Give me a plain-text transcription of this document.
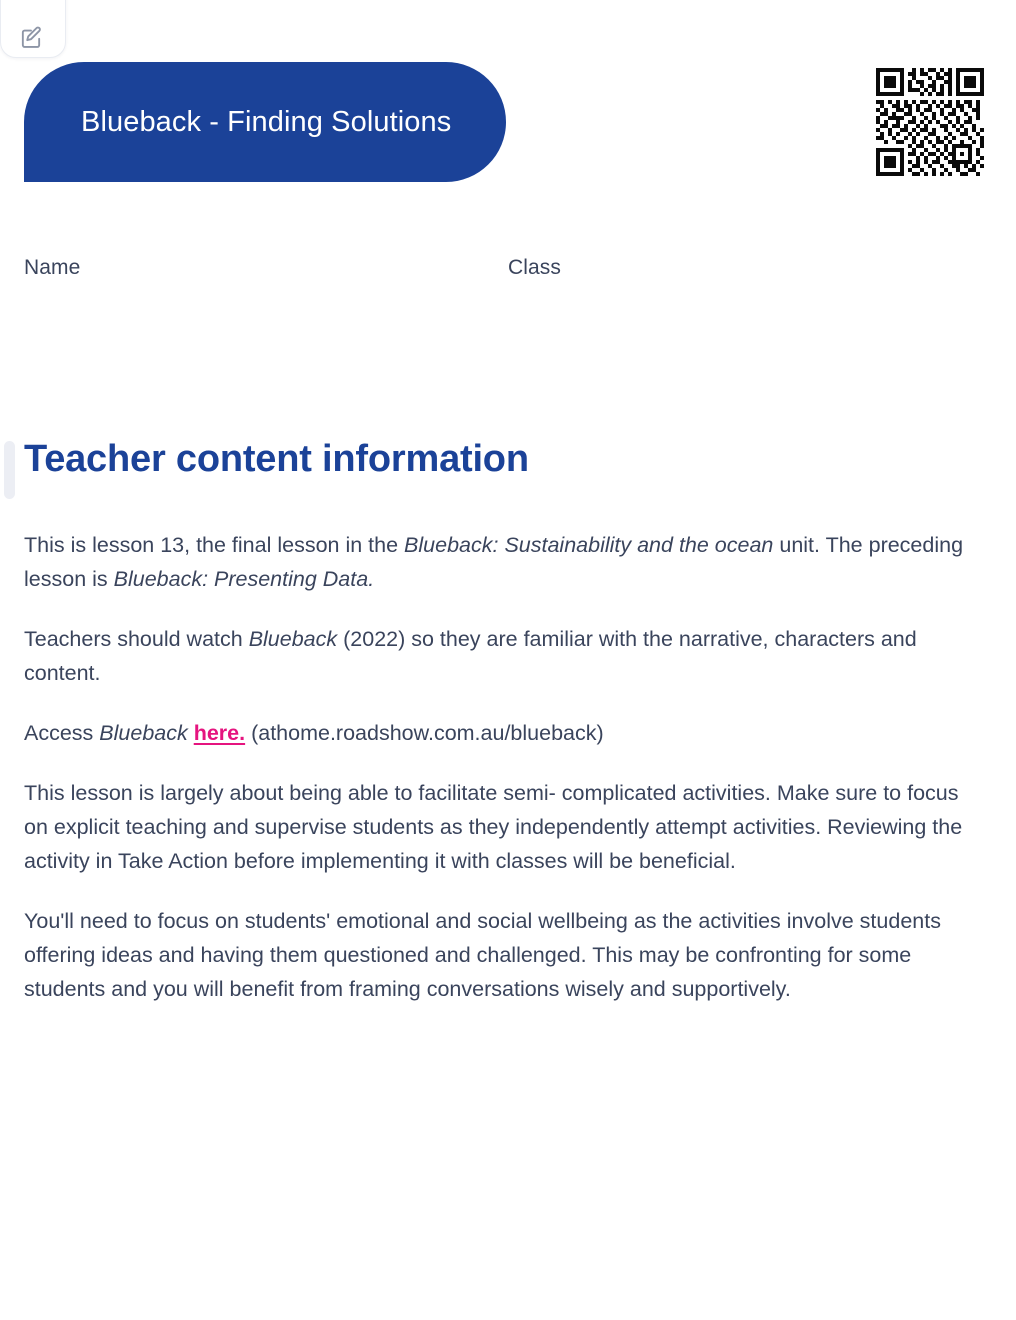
Blueback - Finding Solutions
Name	Class
Teacher content information

This is lesson 13, the final lesson in the Blueback: Sustainability and the ocean unit. The preceding lesson is Blueback: Presenting Data.

Teachers should watch Blueback (2022) so they are familiar with the narrative, characters and content.

Access Blueback here. (athome.roadshow.com.au/blueback)

This lesson is largely about being able to facilitate semi- complicated activities. Make sure to focus on explicit teaching and supervise students as they independently attempt activities. Reviewing the activity in Take Action before implementing it with classes will be beneficial.

You'll need to focus on students' emotional and social wellbeing as the activities involve students offering ideas and having them questioned and challenged. This may be confronting for some students and you will benefit from framing conversations wisely and supportively.
